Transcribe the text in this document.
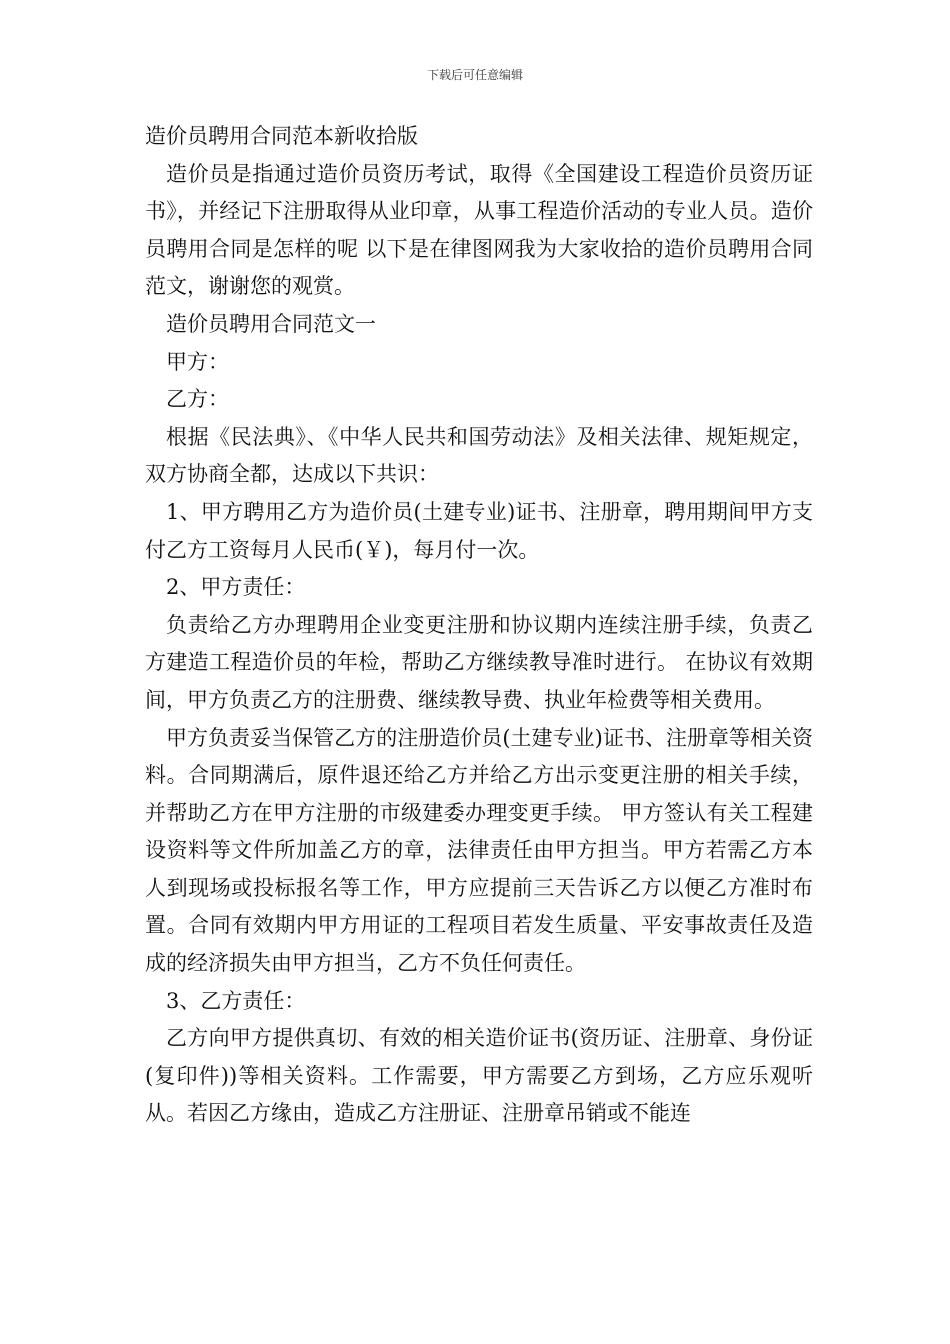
下载后可任意编辑

造价员聘用合同范本新收拾版

造价员是指通过造价员资历考试，取得《全国建设工程造价员资历证书》，并经记下注册取得从业印章，从事工程造价活动的专业人员。造价员聘用合同是怎样的呢 以下是在律图网我为大家收拾的造价员聘用合同范文，谢谢您的观赏。

造价员聘用合同范文一

甲方：

乙方：

根据《民法典》、《中华人民共和国劳动法》及相关法律、规矩规定，双方协商全都，达成以下共识：

1、甲方聘用乙方为造价员(土建专业)证书、注册章，聘用期间甲方支付乙方工资每月人民币(￥)，每月付一次。

2、甲方责任：

负责给乙方办理聘用企业变更注册和协议期内连续注册手续，负责乙方建造工程造价员的年检，帮助乙方继续教导准时进行。 在协议有效期间，甲方负责乙方的注册费、继续教导费、执业年检费等相关费用。

甲方负责妥当保管乙方的注册造价员(土建专业)证书、注册章等相关资料。合同期满后，原件退还给乙方并给乙方出示变更注册的相关手续，并帮助乙方在甲方注册的市级建委办理变更手续。 甲方签认有关工程建设资料等文件所加盖乙方的章，法律责任由甲方担当。甲方若需乙方本人到现场或投标报名等工作，甲方应提前三天告诉乙方以便乙方准时布置。合同有效期内甲方用证的工程项目若发生质量、平安事故责任及造成的经济损失由甲方担当，乙方不负任何责任。

3、乙方责任：

乙方向甲方提供真切、有效的相关造价证书(资历证、注册章、身份证(复印件))等相关资料。工作需要，甲方需要乙方到场，乙方应乐观听从。若因乙方缘由，造成乙方注册证、注册章吊销或不能连
